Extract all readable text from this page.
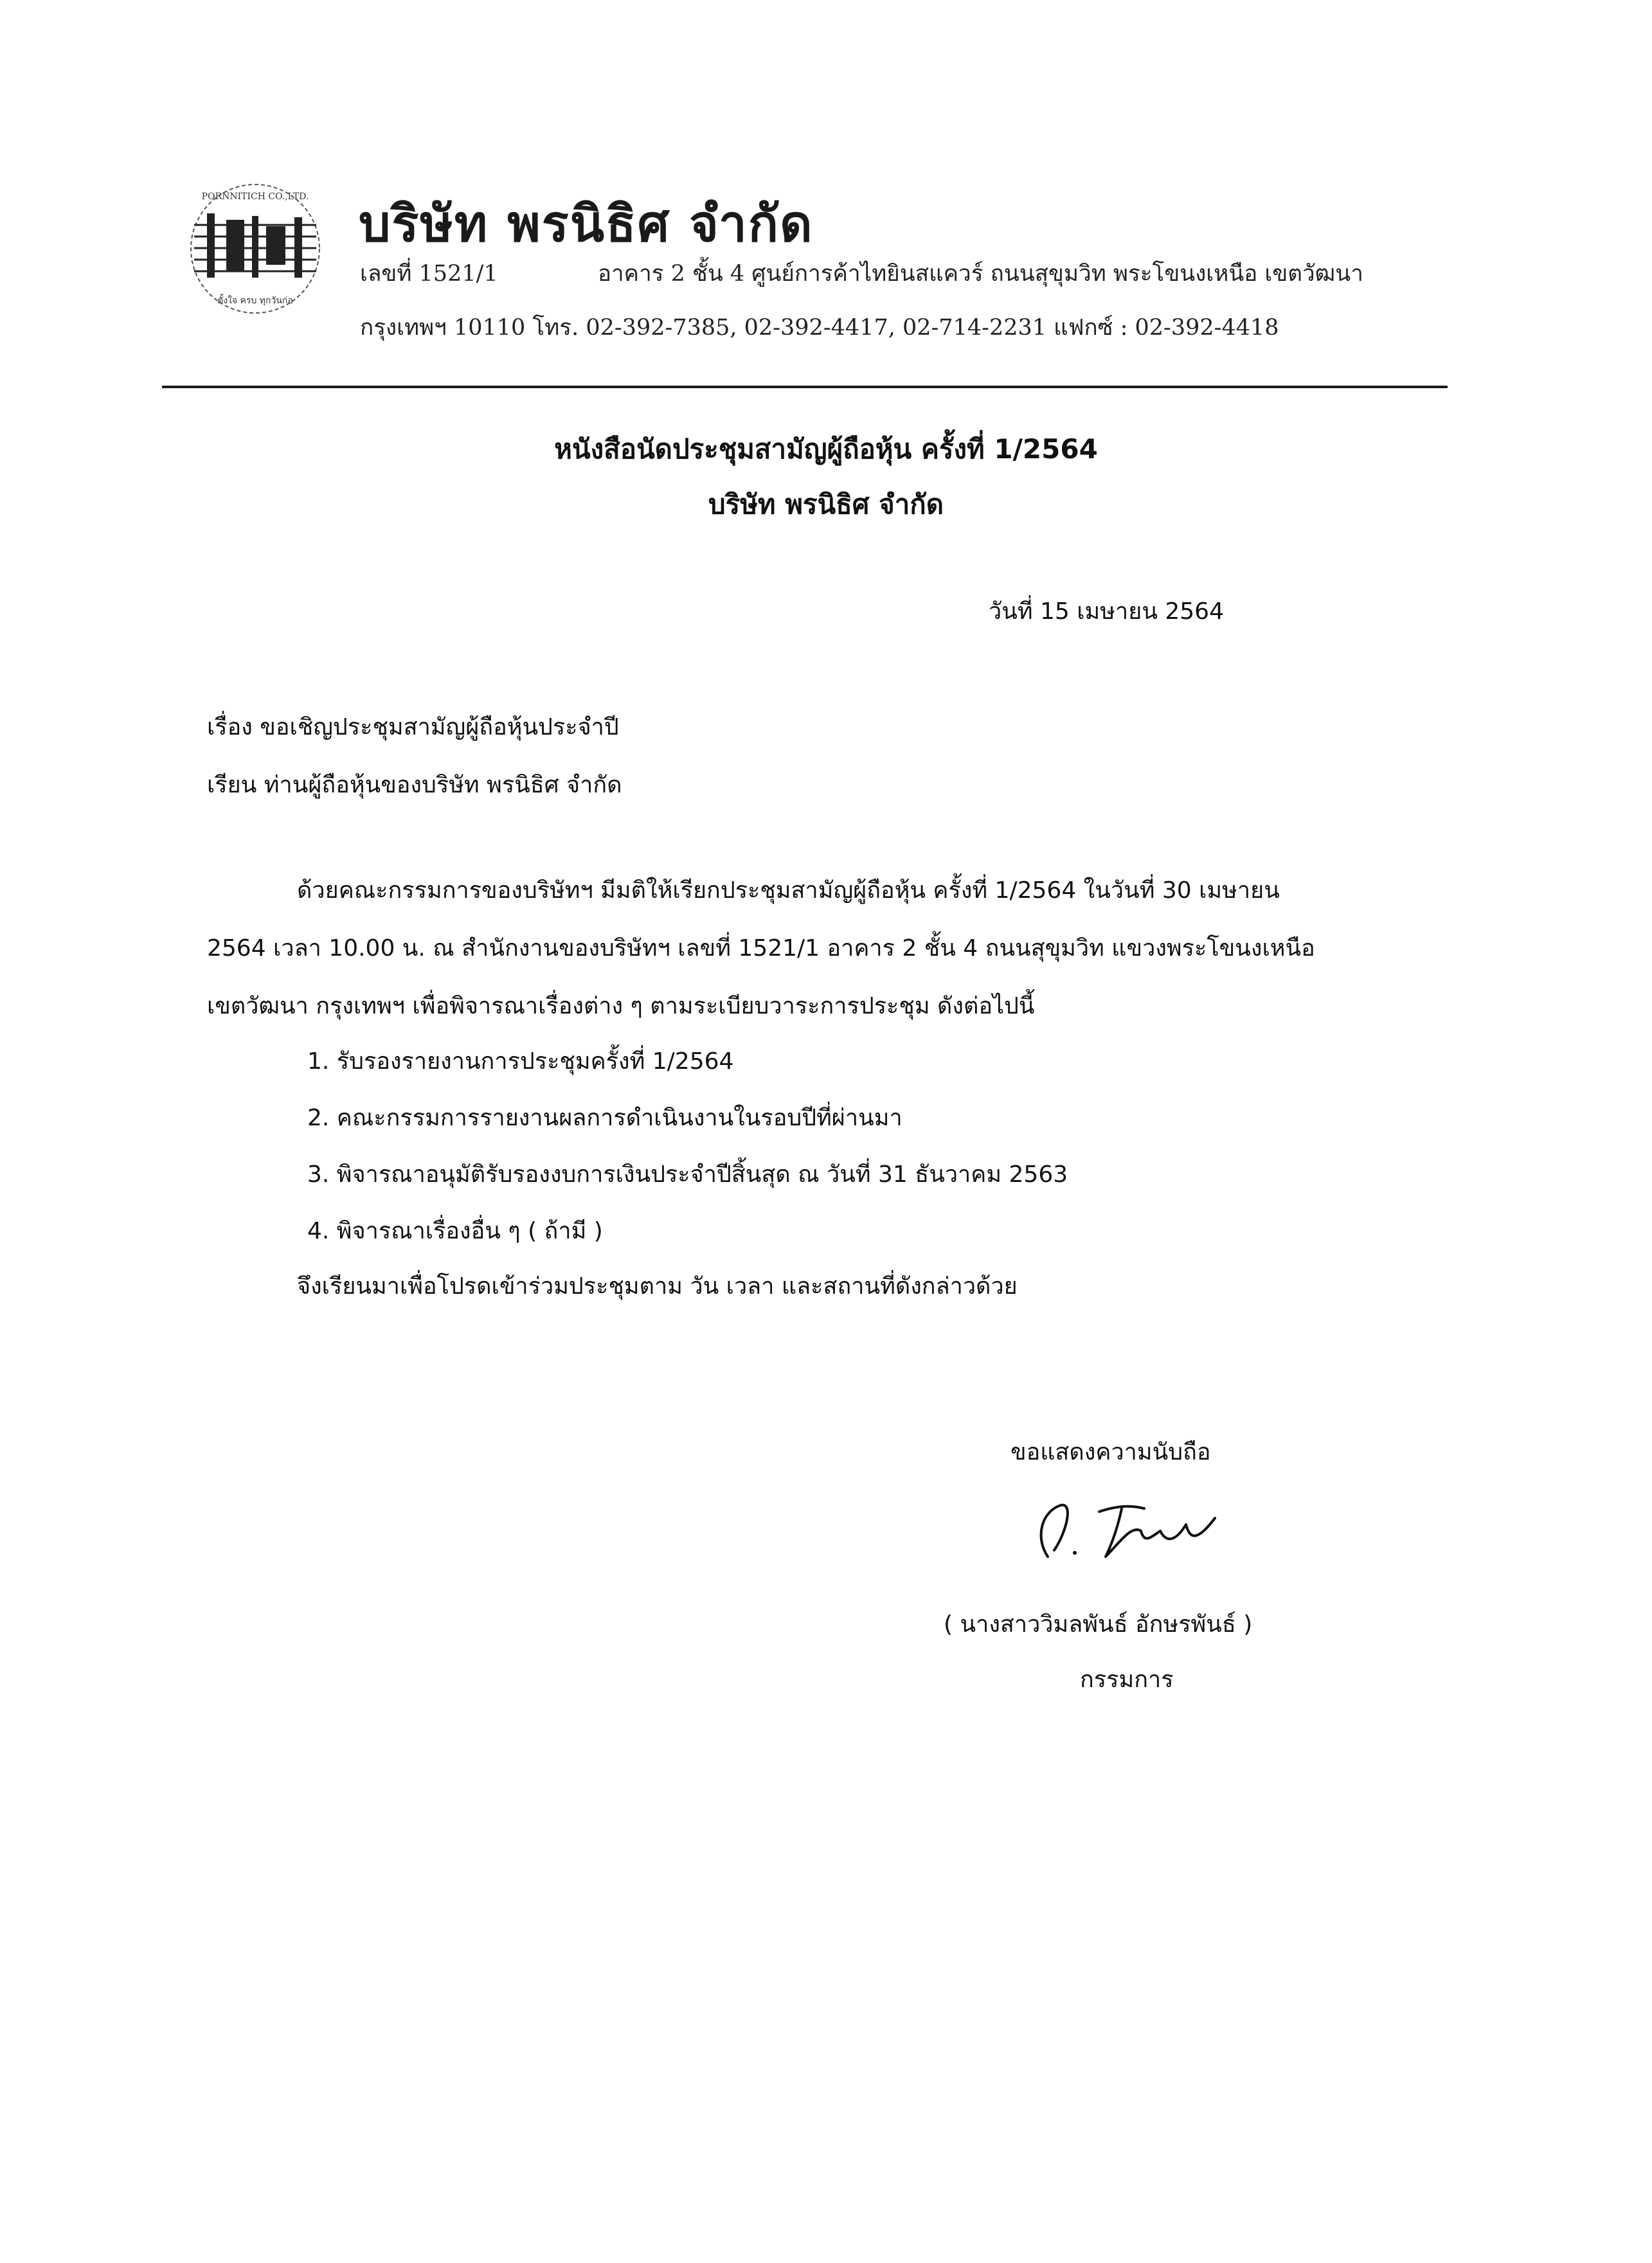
PORNNITICH CO.,LTD.
ตั้งใจ ครบ ทุกวันก่อ
บริษัท พรนิธิศ จำกัด
เลขที่ 1521/1	อาคาร 2 ชั้น 4 ศูนย์การค้าไทยินสแควร์ ถนนสุขุมวิท พระโขนงเหนือ เขตวัฒนา
กรุงเทพฯ 10110 โทร. 02-392-7385, 02-392-4417, 02-714-2231 แฟกซ์ : 02-392-4418
หนังสือนัดประชุมสามัญผู้ถือหุ้น ครั้งที่ 1/2564
บริษัท พรนิธิศ จำกัด
วันที่ 15 เมษายน 2564
เรื่อง ขอเชิญประชุมสามัญผู้ถือหุ้นประจำปี
เรียน ท่านผู้ถือหุ้นของบริษัท พรนิธิศ จำกัด
ด้วยคณะกรรมการของบริษัทฯ มีมติให้เรียกประชุมสามัญผู้ถือหุ้น ครั้งที่ 1/2564 ในวันที่ 30 เมษายน
2564 เวลา 10.00 น. ณ สำนักงานของบริษัทฯ เลขที่ 1521/1 อาคาร 2 ชั้น 4 ถนนสุขุมวิท แขวงพระโขนงเหนือ
เขตวัฒนา กรุงเทพฯ เพื่อพิจารณาเรื่องต่าง ๆ ตามระเบียบวาระการประชุม ดังต่อไปนี้
1. รับรองรายงานการประชุมครั้งที่ 1/2564
2. คณะกรรมการรายงานผลการดำเนินงานในรอบปีที่ผ่านมา
3. พิจารณาอนุมัติรับรองงบการเงินประจำปีสิ้นสุด ณ วันที่ 31 ธันวาคม 2563
4. พิจารณาเรื่องอื่น ๆ ( ถ้ามี )
จึงเรียนมาเพื่อโปรดเข้าร่วมประชุมตาม วัน เวลา และสถานที่ดังกล่าวด้วย
ขอแสดงความนับถือ
( นางสาววิมลพันธ์ อักษรพันธ์ )
กรรมการ
